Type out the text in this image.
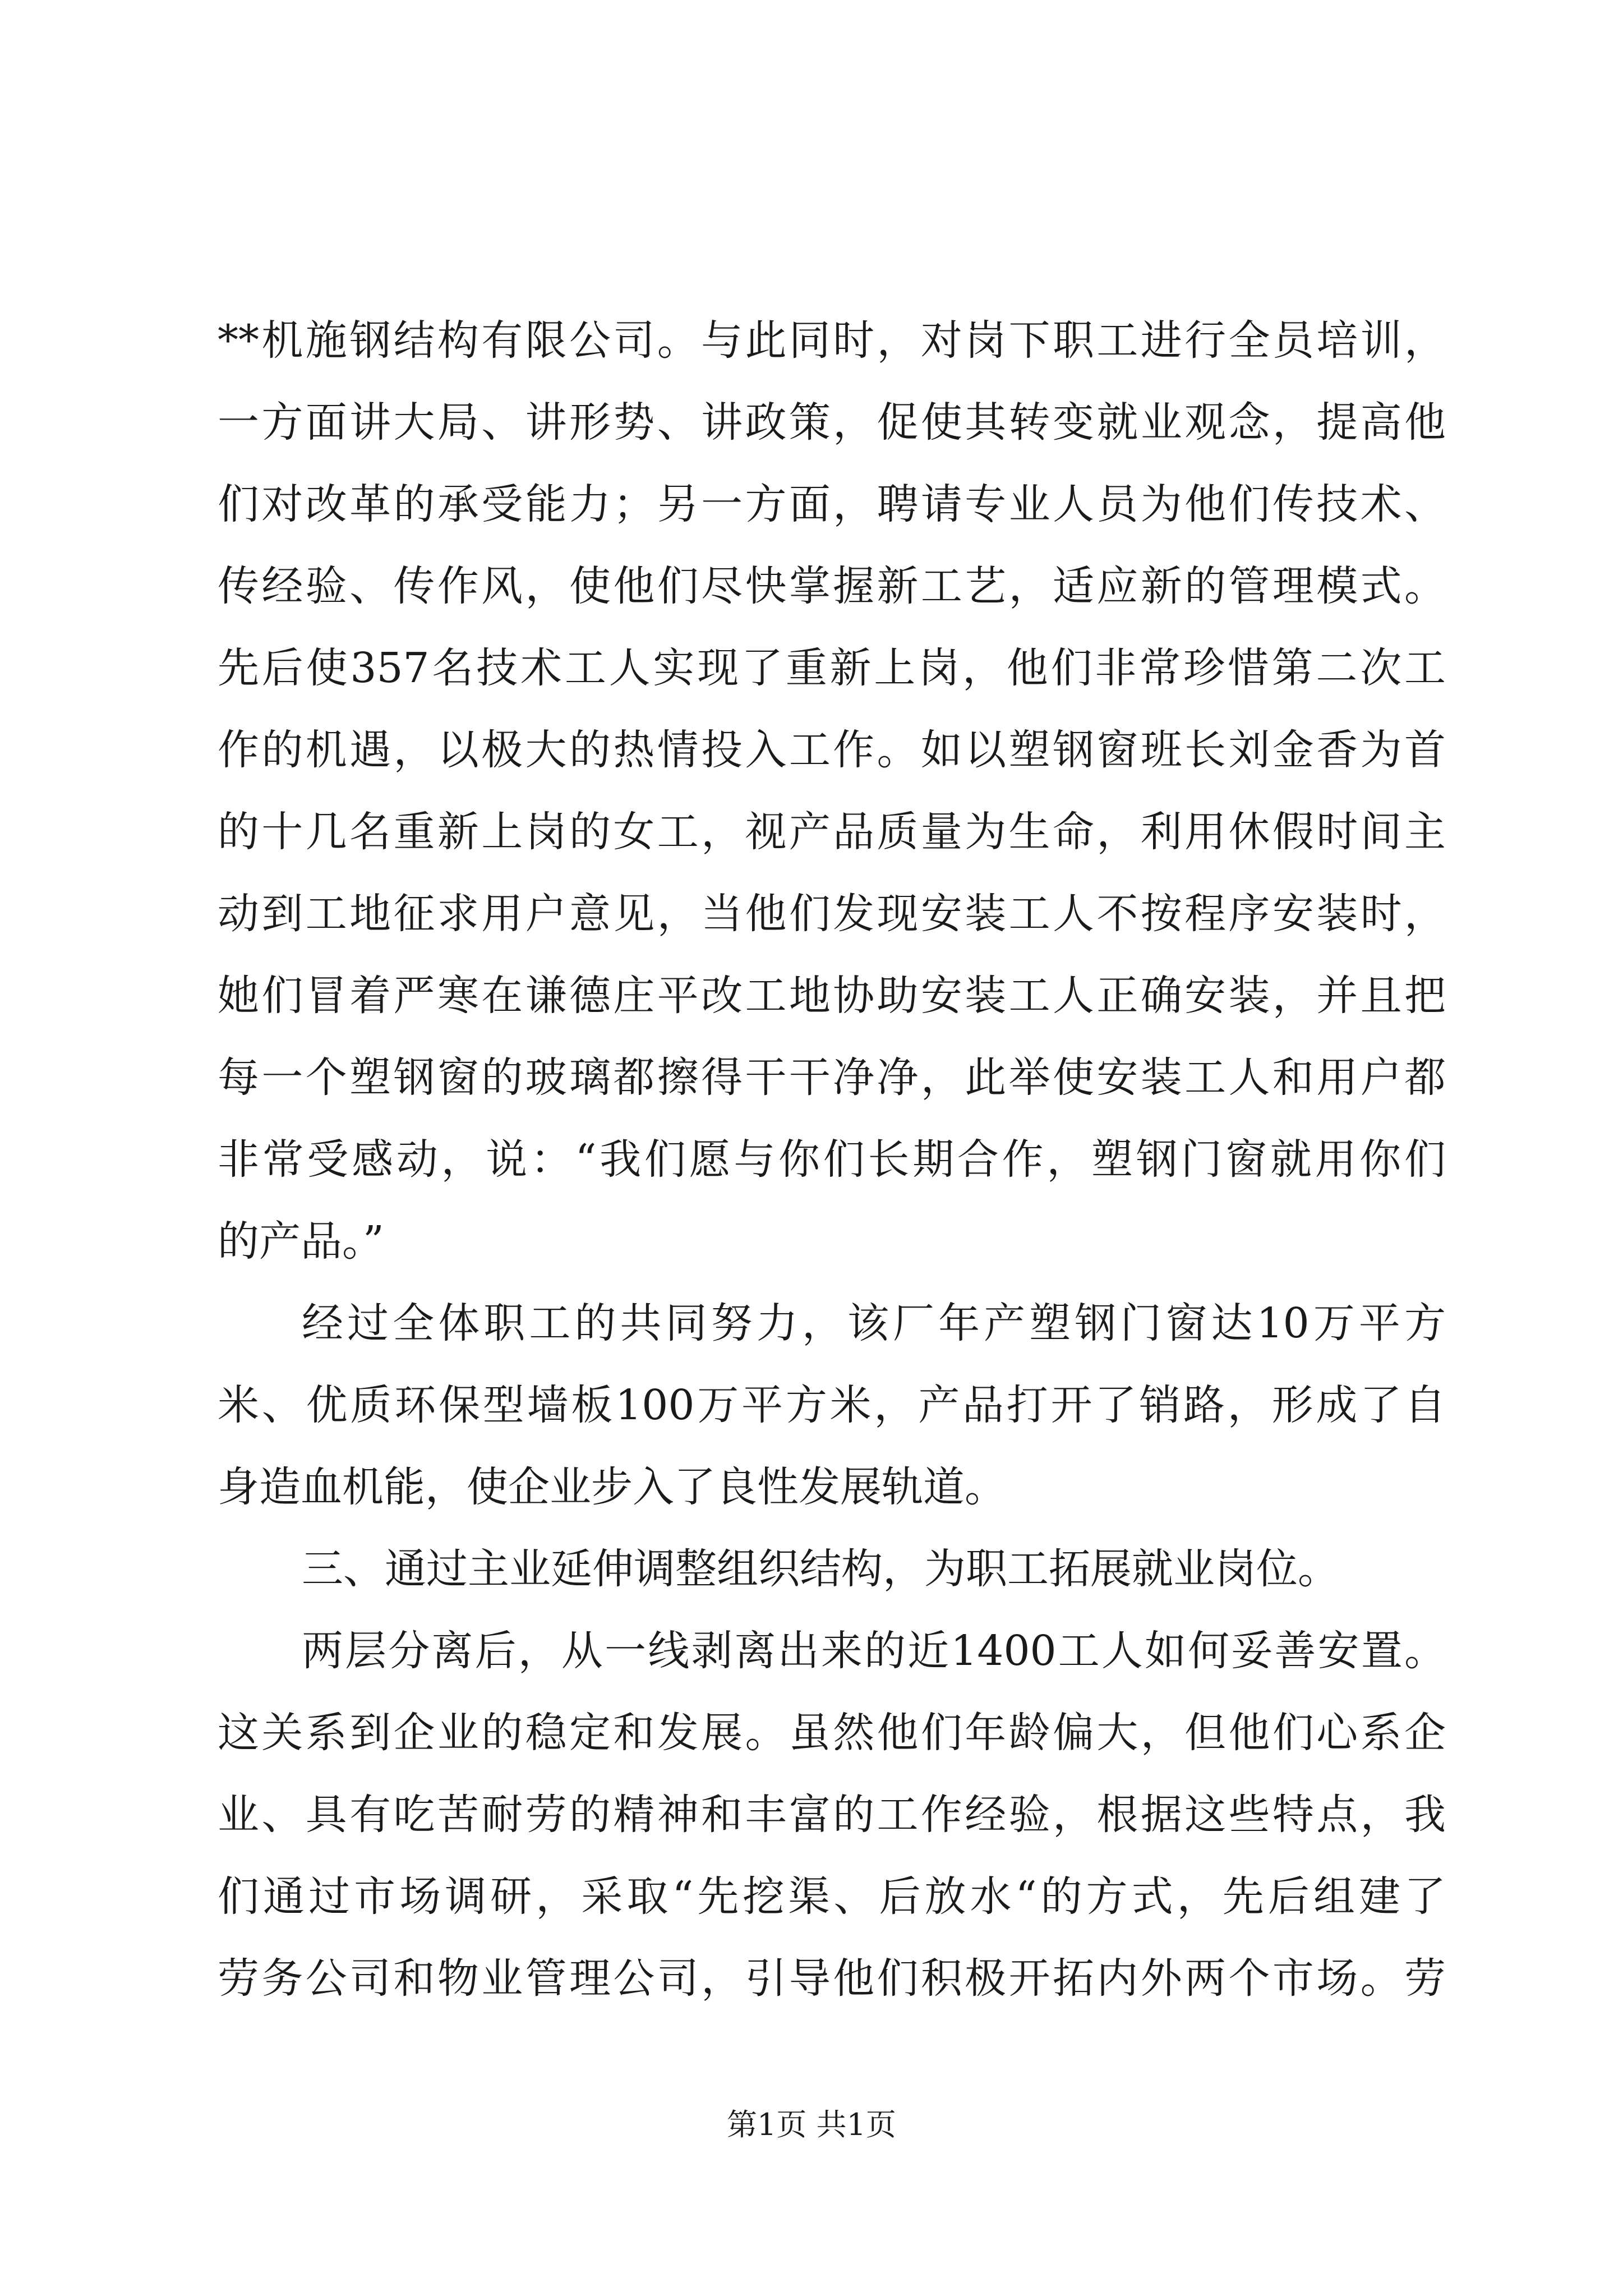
**机施钢结构有限公司。与此同时，对岗下职工进行全员培训，
一方面讲大局、讲形势、讲政策，促使其转变就业观念，提高他
们对改革的承受能力；另一方面，聘请专业人员为他们传技术、
传经验、传作风，使他们尽快掌握新工艺，适应新的管理模式。
先后使357名技术工人实现了重新上岗，他们非常珍惜第二次工
作的机遇，以极大的热情投入工作。如以塑钢窗班长刘金香为首
的十几名重新上岗的女工，视产品质量为生命，利用休假时间主
动到工地征求用户意见，当他们发现安装工人不按程序安装时，
她们冒着严寒在谦德庄平改工地协助安装工人正确安装，并且把
每一个塑钢窗的玻璃都擦得干干净净，此举使安装工人和用户都
非常受感动，说：“我们愿与你们长期合作，塑钢门窗就用你们
的产品。”
经过全体职工的共同努力，该厂年产塑钢门窗达10万平方
米、优质环保型墙板100万平方米，产品打开了销路，形成了自
身造血机能，使企业步入了良性发展轨道。
三、通过主业延伸调整组织结构，为职工拓展就业岗位。
两层分离后，从一线剥离出来的近1400工人如何妥善安置。
这关系到企业的稳定和发展。虽然他们年龄偏大，但他们心系企
业、具有吃苦耐劳的精神和丰富的工作经验，根据这些特点，我
们通过市场调研，采取“先挖渠、后放水“的方式，先后组建了
劳务公司和物业管理公司，引导他们积极开拓内外两个市场。劳
第1页 共1页
